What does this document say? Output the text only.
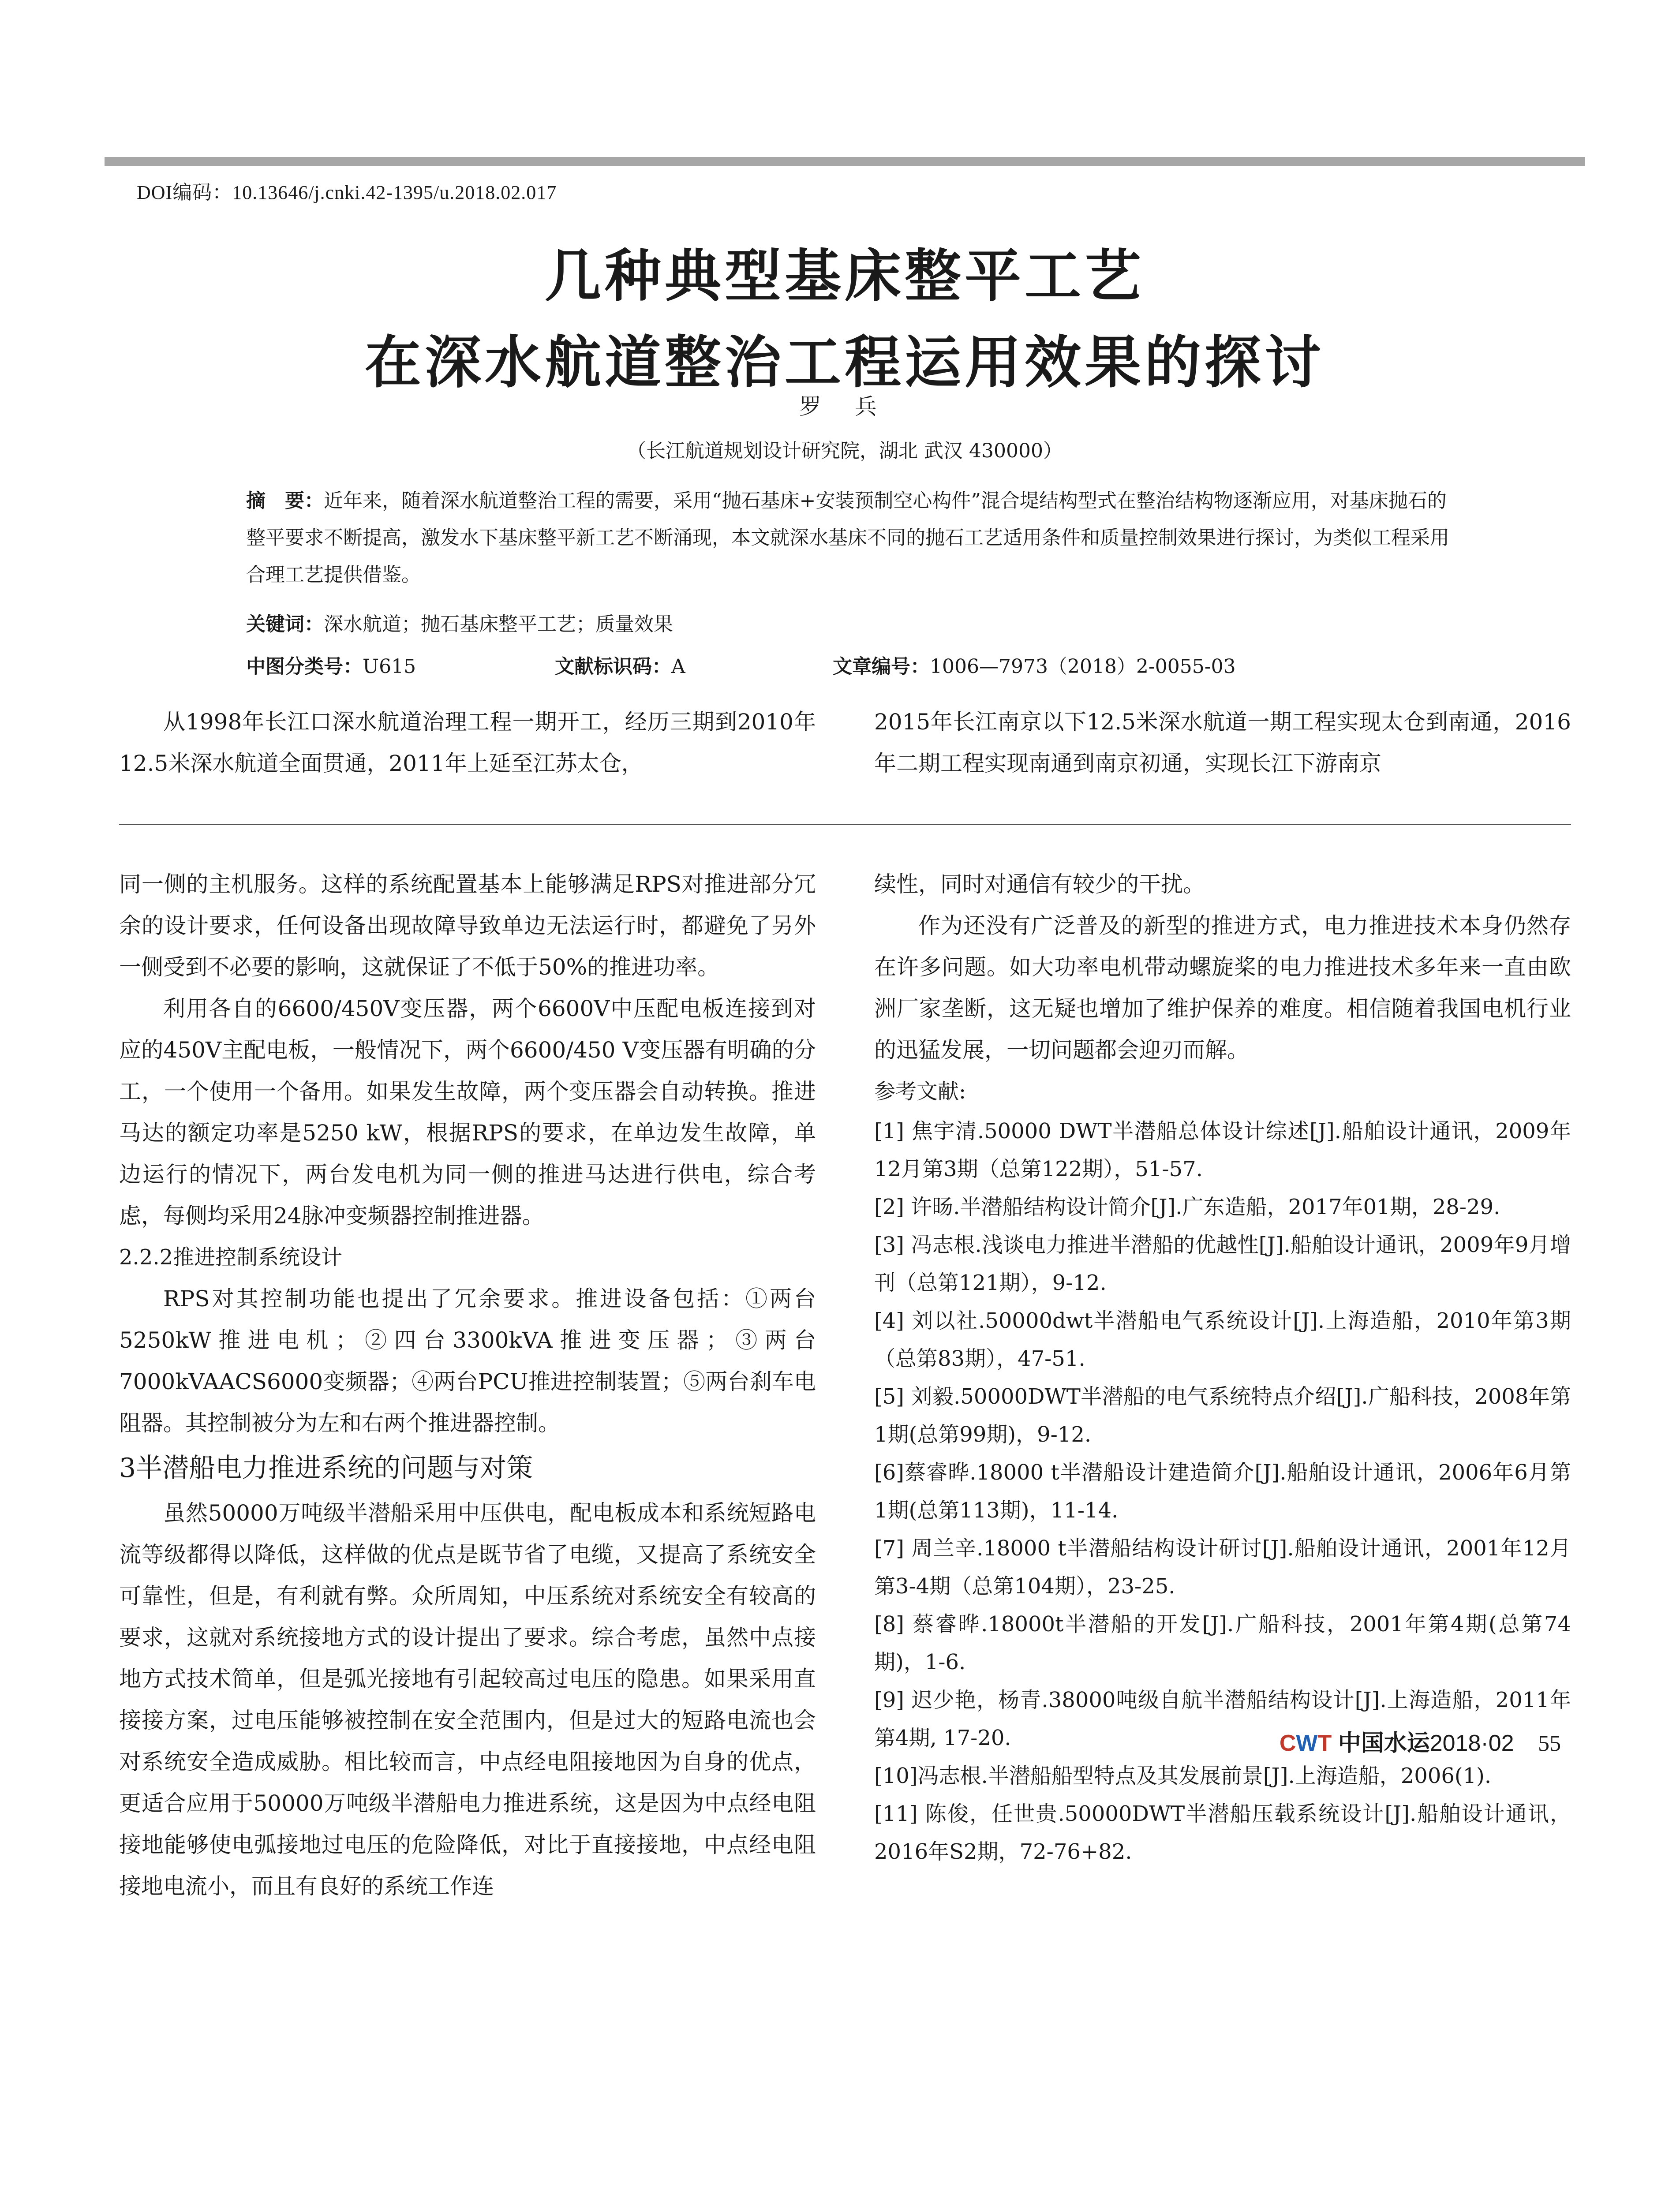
DOI编码：10.13646/j.cnki.42-1395/u.2018.02.017
几种典型基床整平工艺
在深水航道整治工程运用效果的探讨
罗 兵
（长江航道规划设计研究院，湖北 武汉 430000）
摘　要：近年来，随着深水航道整治工程的需要，采用“抛石基床+安装预制空心构件”混合堤结构型式在整治结构物逐渐应用，对基床抛石的整平要求不断提高，激发水下基床整平新工艺不断涌现，本文就深水基床不同的抛石工艺适用条件和质量控制效果进行探讨，为类似工程采用合理工艺提供借鉴。
关键词：深水航道；抛石基床整平工艺；质量效果
中图分类号：U615	文献标识码：A	文章编号：1006—7973（2018）2-0055-03

从1998年长江口深水航道治理工程一期开工，经历三期到2010年12.5米深水航道全面贯通，2011年上延至江苏太仓，

2015年长江南京以下12.5米深水航道一期工程实现太仓到南通，2016年二期工程实现南通到南京初通，实现长江下游南京

同一侧的主机服务。这样的系统配置基本上能够满足RPS对推进部分冗余的设计要求，任何设备出现故障导致单边无法运行时，都避免了另外一侧受到不必要的影响，这就保证了不低于50%的推进功率。

利用各自的6600/450V变压器，两个6600V中压配电板连接到对应的450V主配电板，一般情况下，两个6600/450 V变压器有明确的分工，一个使用一个备用。如果发生故障，两个变压器会自动转换。推进马达的额定功率是5250 kW，根据RPS的要求，在单边发生故障，单边运行的情况下，两台发电机为同一侧的推进马达进行供电，综合考虑，每侧均采用24脉冲变频器控制推进器。

2.2.2推进控制系统设计

RPS对其控制功能也提出了冗余要求。推进设备包括：①两台5250kW推进电机；②四台3300kVA推进变压器；③两台7000kVAACS6000变频器；④两台PCU推进控制装置；⑤两台刹车电阻器。其控制被分为左和右两个推进器控制。

3半潜船电力推进系统的问题与对策

虽然50000万吨级半潜船采用中压供电，配电板成本和系统短路电流等级都得以降低，这样做的优点是既节省了电缆，又提高了系统安全可靠性，但是，有利就有弊。众所周知，中压系统对系统安全有较高的要求，这就对系统接地方式的设计提出了要求。综合考虑，虽然中点接地方式技术简单，但是弧光接地有引起较高过电压的隐患。如果采用直接接方案，过电压能够被控制在安全范围内，但是过大的短路电流也会对系统安全造成威胁。相比较而言，中点经电阻接地因为自身的优点，更适合应用于50000万吨级半潜船电力推进系统，这是因为中点经电阻接地能够使电弧接地过电压的危险降低，对比于直接接地，中点经电阻接地电流小，而且有良好的系统工作连

续性，同时对通信有较少的干扰。

作为还没有广泛普及的新型的推进方式，电力推进技术本身仍然存在许多问题。如大功率电机带动螺旋桨的电力推进技术多年来一直由欧洲厂家垄断，这无疑也增加了维护保养的难度。相信随着我国电机行业的迅猛发展，一切问题都会迎刃而解。

参考文献:

[1] 焦宇清.50000 DWT半潜船总体设计综述[J].船舶设计通讯，2009年12月第3期（总第122期），51-57.

[2] 许旸.半潜船结构设计简介[J].广东造船，2017年01期，28-29.

[3] 冯志根.浅谈电力推进半潜船的优越性[J].船舶设计通讯，2009年9月增刊（总第121期），9-12.

[4] 刘以社.50000dwt半潜船电气系统设计[J].上海造船，2010年第3期（总第83期），47-51.

[5] 刘毅.50000DWT半潜船的电气系统特点介绍[J].广船科技，2008年第1期(总第99期)，9-12.

[6]蔡睿晔.18000 t半潜船设计建造简介[J].船舶设计通讯，2006年6月第1期(总第113期)，11-14.

[7] 周兰辛.18000 t半潜船结构设计研讨[J].船舶设计通讯，2001年12月第3-4期（总第104期），23-25.

[8] 蔡睿晔.18000t半潜船的开发[J].广船科技，2001年第4期(总第74期)，1-6.

[9] 迟少艳，杨青.38000吨级自航半潜船结构设计[J].上海造船，2011年第4期, 17-20.

[10]冯志根.半潜船船型特点及其发展前景[J].上海造船，2006(1).

[11] 陈俊，任世贵.50000DWT半潜船压载系统设计[J].船舶设计通讯，2016年S2期，72-76+82.

CWT 中国水运2018·02 55
